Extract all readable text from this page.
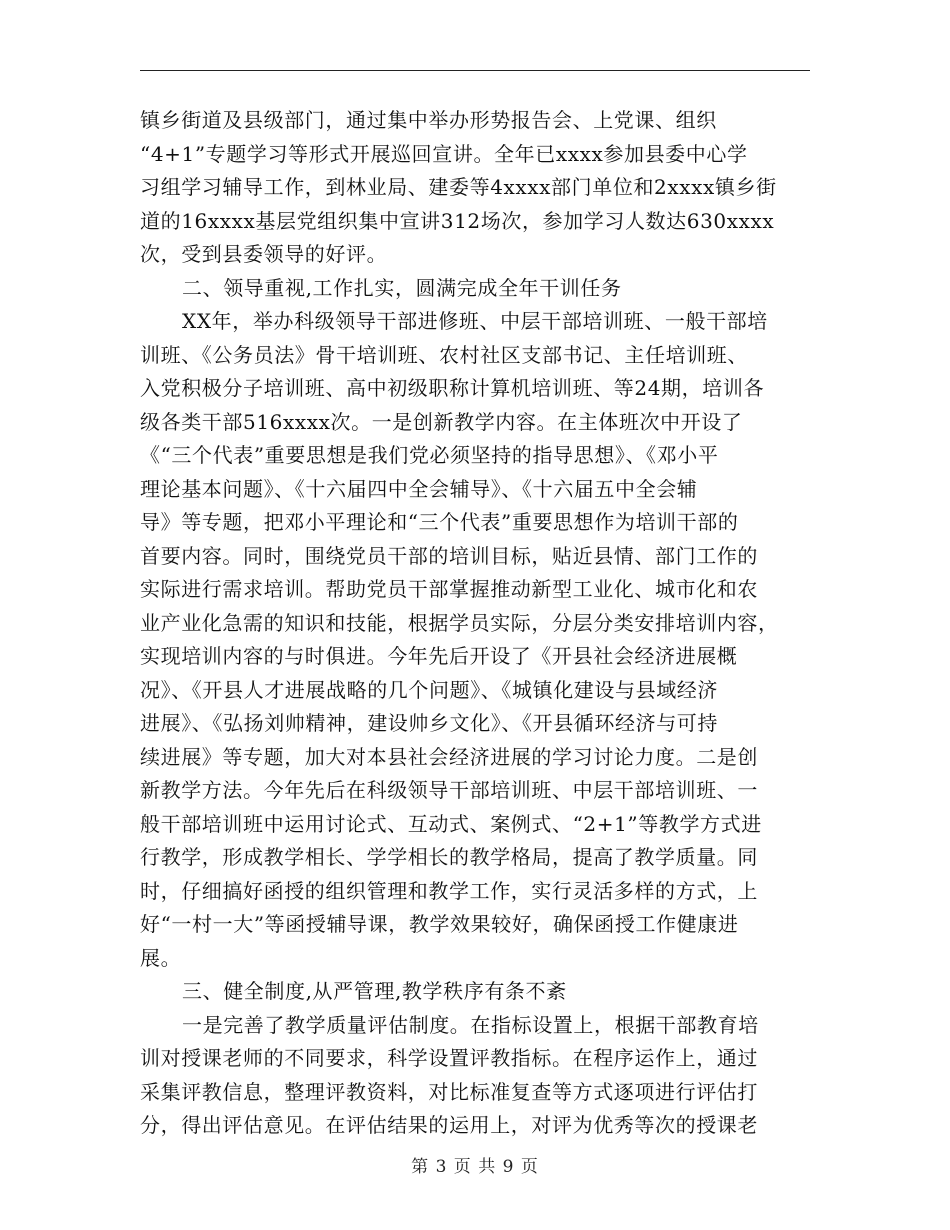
镇乡街道及县级部门，通过集中举办形势报告会、上党课、组织
“4+1”专题学习等形式开展巡回宣讲。全年已xxxx参加县委中心学
习组学习辅导工作，到林业局、建委等4xxxx部门单位和2xxxx镇乡街
道的16xxxx基层党组织集中宣讲312场次，参加学习人数达630xxxx
次，受到县委领导的好评。
二、领导重视,工作扎实，圆满完成全年干训任务
XX年，举办科级领导干部进修班、中层干部培训班、一般干部培
训班、《公务员法》骨干培训班、农村社区支部书记、主任培训班、
入党积极分子培训班、高中初级职称计算机培训班、等24期，培训各
级各类干部516xxxx次。一是创新教学内容。在主体班次中开设了
《“三个代表”重要思想是我们党必须坚持的指导思想》、《邓小平
理论基本问题》、《十六届四中全会辅导》、《十六届五中全会辅
导》等专题，把邓小平理论和“三个代表”重要思想作为培训干部的
首要内容。同时，围绕党员干部的培训目标，贴近县情、部门工作的
实际进行需求培训。帮助党员干部掌握推动新型工业化、城市化和农
业产业化急需的知识和技能，根据学员实际，分层分类安排培训内容，
实现培训内容的与时俱进。今年先后开设了《开县社会经济进展概
况》、《开县人才进展战略的几个问题》、《城镇化建设与县域经济
进展》、《弘扬刘帅精神，建设帅乡文化》、《开县循环经济与可持
续进展》等专题，加大对本县社会经济进展的学习讨论力度。二是创
新教学方法。今年先后在科级领导干部培训班、中层干部培训班、一
般干部培训班中运用讨论式、互动式、案例式、“2+1”等教学方式进
行教学，形成教学相长、学学相长的教学格局，提高了教学质量。同
时，仔细搞好函授的组织管理和教学工作，实行灵活多样的方式，上
好“一村一大”等函授辅导课，教学效果较好，确保函授工作健康进
展。
三、健全制度,从严管理,教学秩序有条不紊
一是完善了教学质量评估制度。在指标设置上，根据干部教育培
训对授课老师的不同要求，科学设置评教指标。在程序运作上，通过
采集评教信息，整理评教资料，对比标准复查等方式逐项进行评估打
分，得出评估意见。在评估结果的运用上，对评为优秀等次的授课老
第 3 页 共 9 页
